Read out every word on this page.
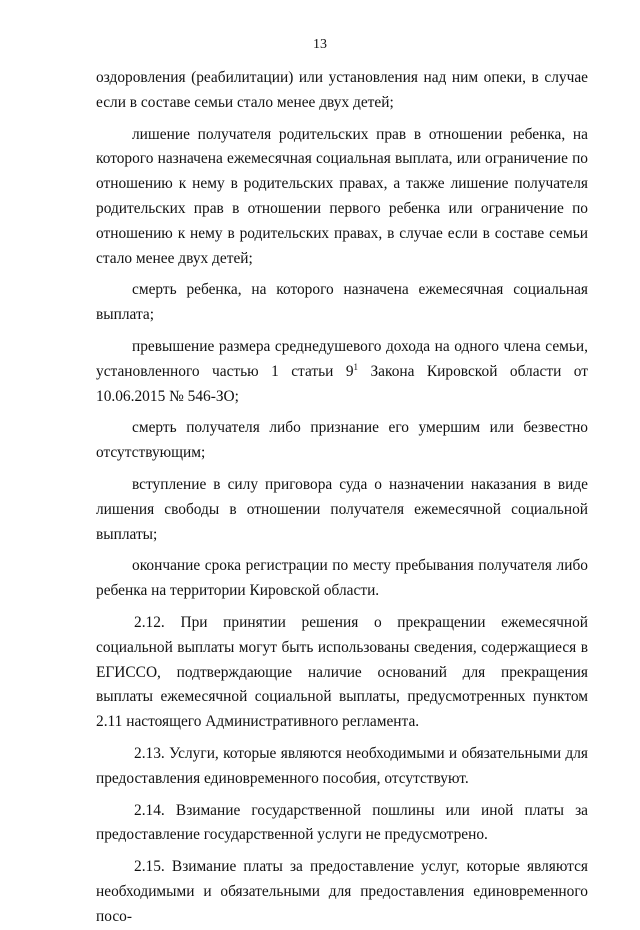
13

оздоровления (реабилитации) или установления над ним опеки, в случае если в составе семьи стало менее двух детей;

лишение получателя родительских прав в отношении ребенка, на которого назначена ежемесячная социальная выплата, или ограничение по отношению к нему в родительских правах, а также лишение получателя родительских прав в отношении первого ребенка или ограничение по отношению к нему в родительских правах, в случае если в составе семьи стало менее двух детей;

смерть ребенка, на которого назначена ежемесячная социальная выплата;

превышение размера среднедушевого дохода на одного члена семьи, установленного частью 1 статьи $9^1$ Закона Кировской области от 10.06.2015 № 546-ЗО;

смерть получателя либо признание его умершим или безвестно отсутствующим;

вступление в силу приговора суда о назначении наказания в виде лишения свободы в отношении получателя ежемесячной социальной выплаты;

окончание срока регистрации по месту пребывания получателя либо ребенка на территории Кировской области.

2.12. При принятии решения о прекращении ежемесячной социальной выплаты могут быть использованы сведения, содержащиеся в ЕГИССО, подтверждающие наличие оснований для прекращения выплаты ежемесячной социальной выплаты, предусмотренных пунктом 2.11 настоящего Административного регламента.

2.13. Услуги, которые являются необходимыми и обязательными для предоставления единовременного пособия, отсутствуют.

2.14. Взимание государственной пошлины или иной платы за предоставление государственной услуги не предусмотрено.

2.15. Взимание платы за предоставление услуг, которые являются необходимыми и обязательными для предоставления единовременного посо-
